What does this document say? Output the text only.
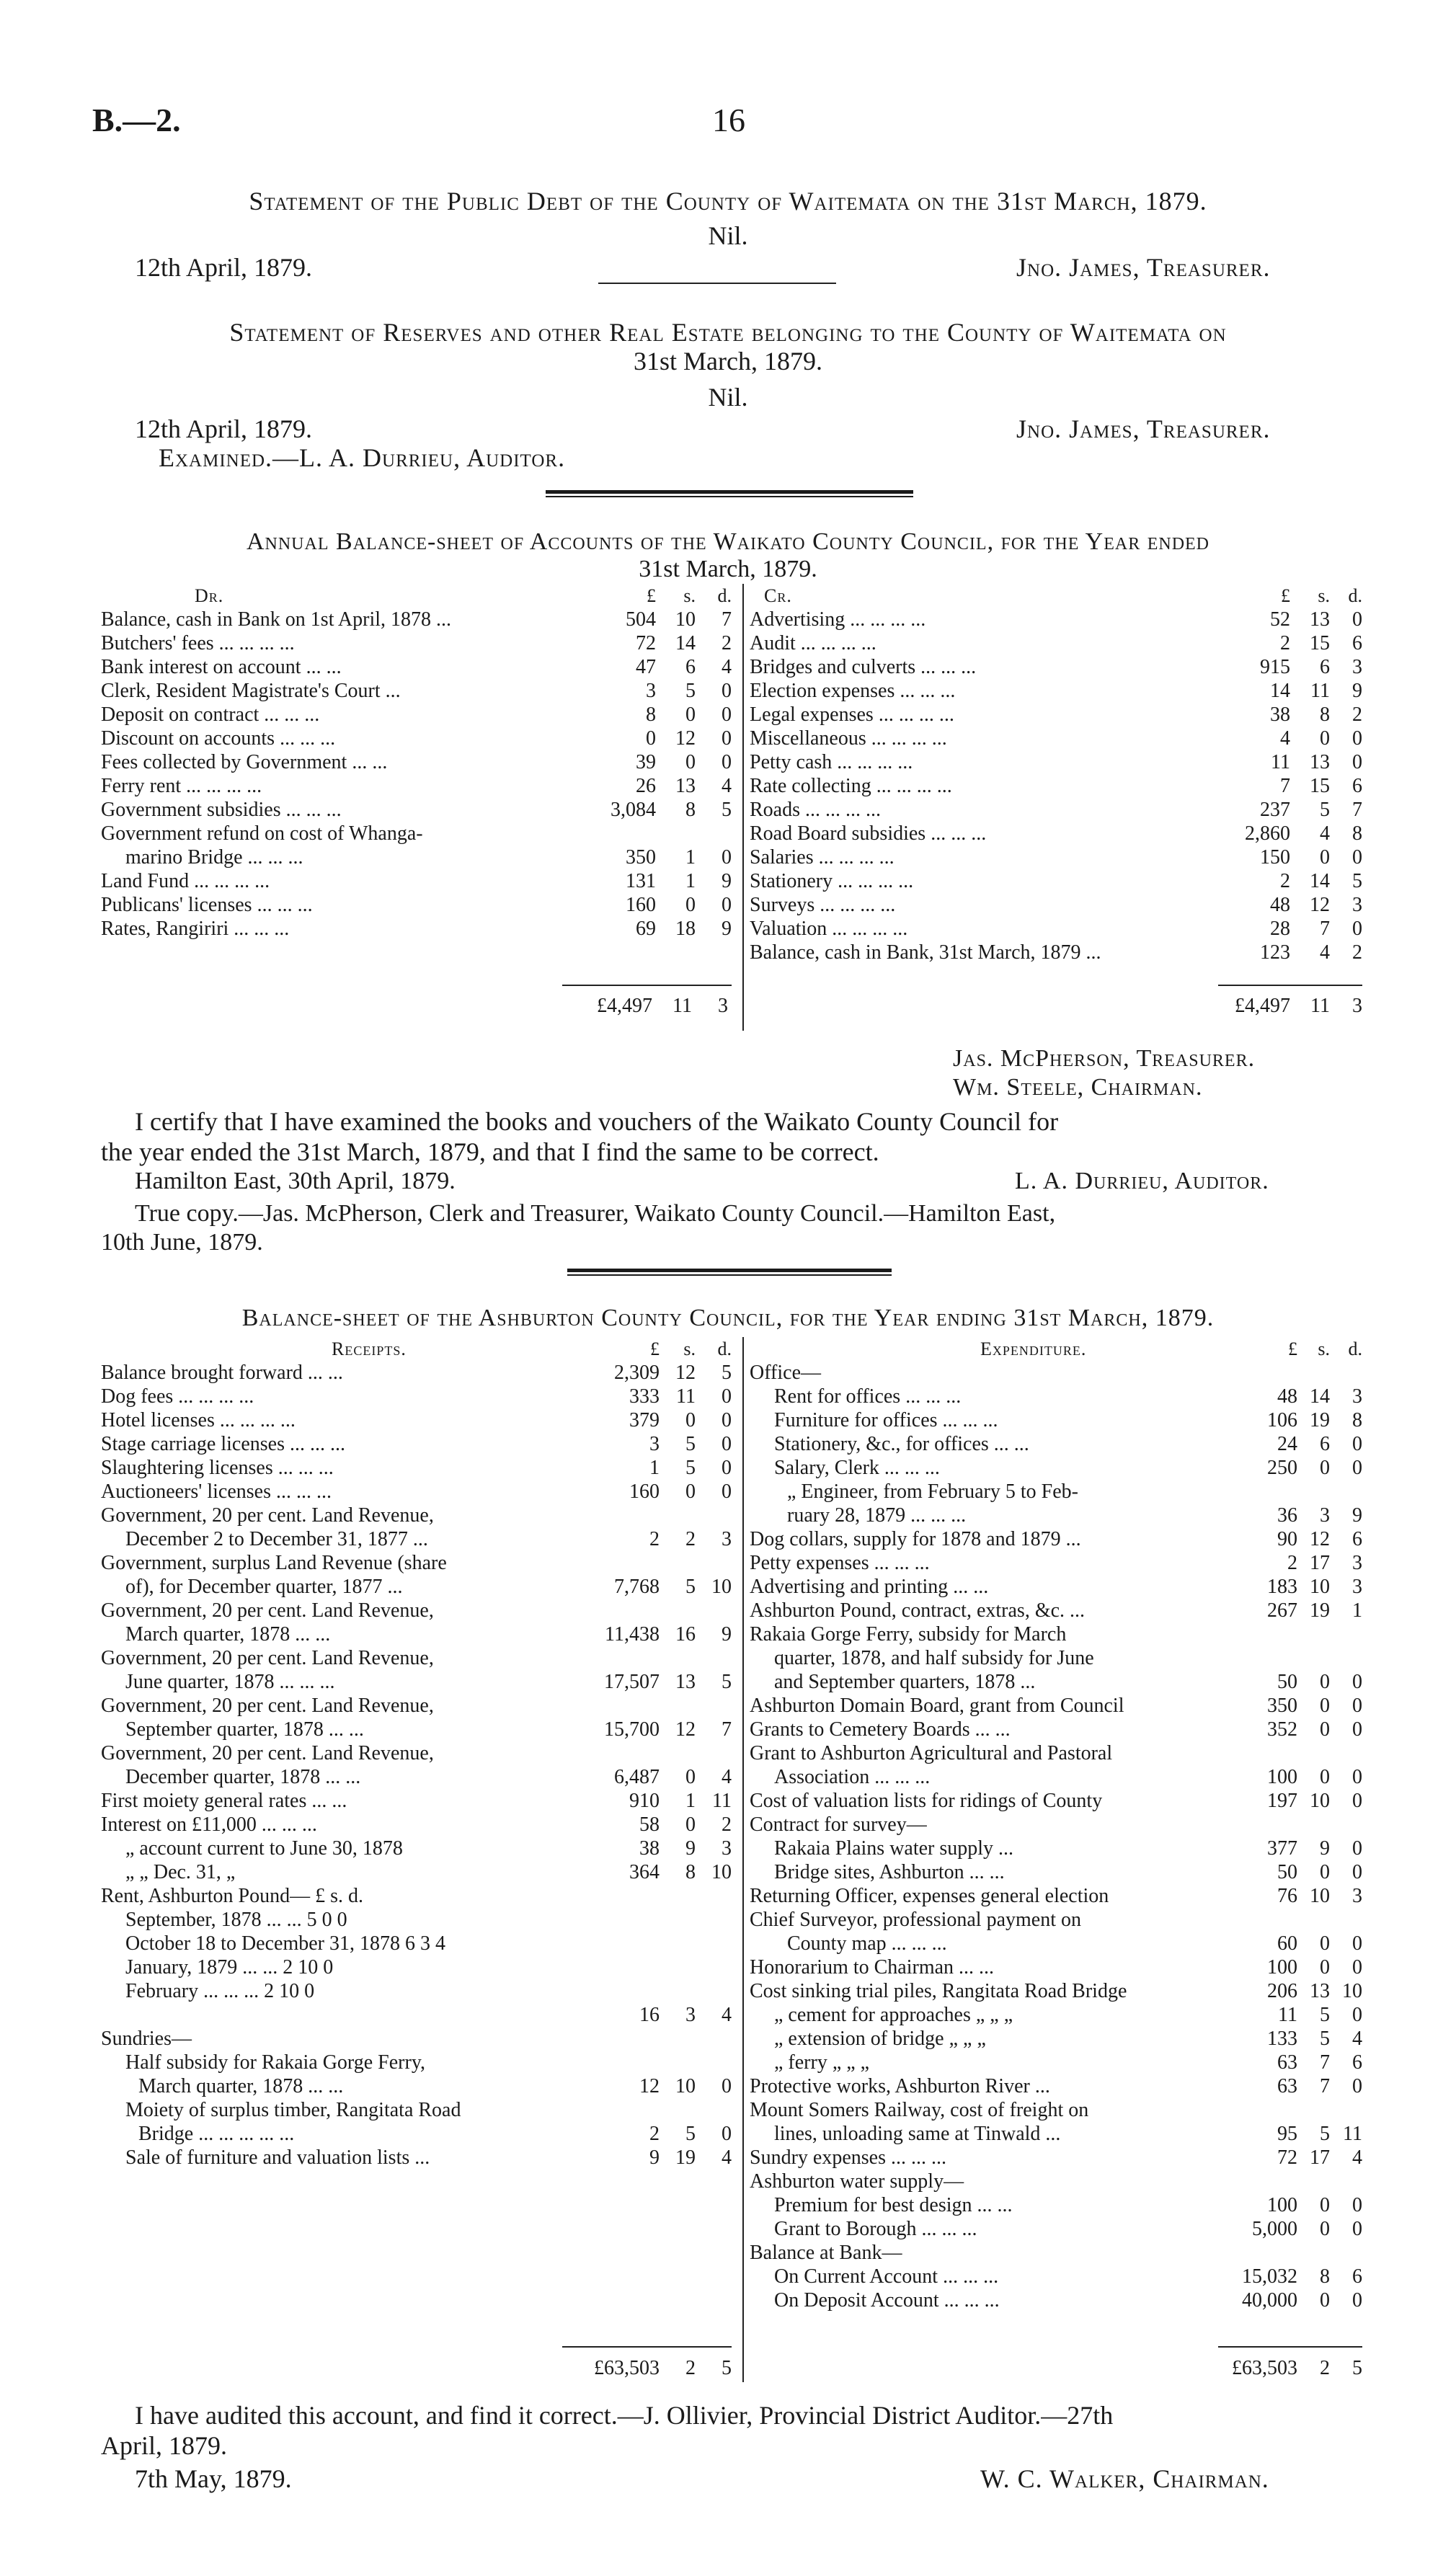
B.—2.	16
Statement of the Public Debt of the County of Waitemata on the 31st March, 1879.
Nil.
12th April, 1879.	Jno. James, Treasurer.
Statement of Reserves and other Real Estate belonging to the County of Waitemata on
31st March, 1879.
Nil.
12th April, 1879.	Jno. James, Treasurer.
Examined.—L. A. Durrieu, Auditor.
Annual Balance-sheet of Accounts of the Waikato County Council, for the Year ended
31st March, 1879.
Dr.	£	s.	d.
Balance, cash in Bank on 1st April, 1878 ...	504	10	7
Butchers' fees ... ... ... ...	72	14	2
Bank interest on account ... ...	47	6	4
Clerk, Resident Magistrate's Court ...	3	5	0
Deposit on contract ... ... ...	8	0	0
Discount on accounts ... ... ...	0	12	0
Fees collected by Government ... ...	39	0	0
Ferry rent ... ... ... ...	26	13	4
Government subsidies ... ... ...	3,084	8	5
Government refund on cost of Whanga-			
marino Bridge ... ... ...	350	1	0
Land Fund ... ... ... ...	131	1	9
Publicans' licenses ... ... ...	160	0	0
Rates, Rangiriri ... ... ...	69	18	9
Cr.	£	s.	d.
Advertising ... ... ... ...	52	13	0
Audit ... ... ... ...	2	15	6
Bridges and culverts ... ... ...	915	6	3
Election expenses ... ... ...	14	11	9
Legal expenses ... ... ... ...	38	8	2
Miscellaneous ... ... ... ...	4	0	0
Petty cash ... ... ... ...	11	13	0
Rate collecting ... ... ... ...	7	15	6
Roads ... ... ... ...	237	5	7
Road Board subsidies ... ... ...	2,860	4	8
Salaries ... ... ... ...	150	0	0
Stationery ... ... ... ...	2	14	5
Surveys ... ... ... ...	48	12	3
Valuation ... ... ... ...	28	7	0
Balance, cash in Bank, 31st March, 1879 ...	123	4	2
£4,497 11 3	£4,497 11 3
Jas. McPherson, Treasurer.
Wm. Steele, Chairman.
I certify that I have examined the books and vouchers of the Waikato County Council for
the year ended the 31st March, 1879, and that I find the same to be correct.
Hamilton East, 30th April, 1879.	L. A. Durrieu, Auditor.
True copy.—Jas. McPherson, Clerk and Treasurer, Waikato County Council.—Hamilton East,
10th June, 1879.
Balance-sheet of the Ashburton County Council, for the Year ending 31st March, 1879.
Receipts.	£	s.	d.
Balance brought forward ... ...	2,309	12	5
Dog fees ... ... ... ...	333	11	0
Hotel licenses ... ... ... ...	379	0	0
Stage carriage licenses ... ... ...	3	5	0
Slaughtering licenses ... ... ...	1	5	0
Auctioneers' licenses ... ... ...	160	0	0
Government, 20 per cent. Land Revenue,			
December 2 to December 31, 1877 ...	2	2	3
Government, surplus Land Revenue (share			
of), for December quarter, 1877 ...	7,768	5	10
Government, 20 per cent. Land Revenue,			
March quarter, 1878 ... ...	11,438	16	9
Government, 20 per cent. Land Revenue,			
June quarter, 1878 ... ... ...	17,507	13	5
Government, 20 per cent. Land Revenue,			
September quarter, 1878 ... ...	15,700	12	7
Government, 20 per cent. Land Revenue,			
December quarter, 1878 ... ...	6,487	0	4
First moiety general rates ... ...	910	1	11
Interest on £11,000 ... ... ...	58	0	2
„ account current to June 30, 1878	38	9	3
„ „ Dec. 31, „	364	8	10
Rent, Ashburton Pound— £ s. d.			
September, 1878 ... ... 5 0 0			
October 18 to December 31, 1878 6 3 4			
January, 1879 ... ... 2 10 0			
February ... ... ... 2 10 0			
	16	3	4
Sundries—			
Half subsidy for Rakaia Gorge Ferry,			
March quarter, 1878 ... ...	12	10	0
Moiety of surplus timber, Rangitata Road			
Bridge ... ... ... ... ...	2	5	0
Sale of furniture and valuation lists ...	9	19	4
Expenditure.	£	s.	d.
Office—			
Rent for offices ... ... ...	48	14	3
Furniture for offices ... ... ...	106	19	8
Stationery, &c., for offices ... ...	24	6	0
Salary, Clerk ... ... ...	250	0	0
„ Engineer, from February 5 to Feb-			
ruary 28, 1879 ... ... ...	36	3	9
Dog collars, supply for 1878 and 1879 ...	90	12	6
Petty expenses ... ... ...	2	17	3
Advertising and printing ... ...	183	10	3
Ashburton Pound, contract, extras, &c. ...	267	19	1
Rakaia Gorge Ferry, subsidy for March			
quarter, 1878, and half subsidy for June			
and September quarters, 1878 ...	50	0	0
Ashburton Domain Board, grant from Council	350	0	0
Grants to Cemetery Boards ... ...	352	0	0
Grant to Ashburton Agricultural and Pastoral			
Association ... ... ...	100	0	0
Cost of valuation lists for ridings of County	197	10	0
Contract for survey—			
Rakaia Plains water supply ...	377	9	0
Bridge sites, Ashburton ... ...	50	0	0
Returning Officer, expenses general election	76	10	3
Chief Surveyor, professional payment on			
County map ... ... ...	60	0	0
Honorarium to Chairman ... ...	100	0	0
Cost sinking trial piles, Rangitata Road Bridge	206	13	10
„ cement for approaches „ „ „	11	5	0
„ extension of bridge „ „ „	133	5	4
„ ferry „ „ „	63	7	6
Protective works, Ashburton River ...	63	7	0
Mount Somers Railway, cost of freight on			
lines, unloading same at Tinwald ...	95	5	11
Sundry expenses ... ... ...	72	17	4
Ashburton water supply—			
Premium for best design ... ...	100	0	0
Grant to Borough ... ... ...	5,000	0	0
Balance at Bank—			
On Current Account ... ... ...	15,032	8	6
On Deposit Account ... ... ...	40,000	0	0
£63,503 2 5	£63,503 2 5
I have audited this account, and find it correct.—J. Ollivier, Provincial District Auditor.—27th
April, 1879.
7th May, 1879.	W. C. Walker, Chairman.
